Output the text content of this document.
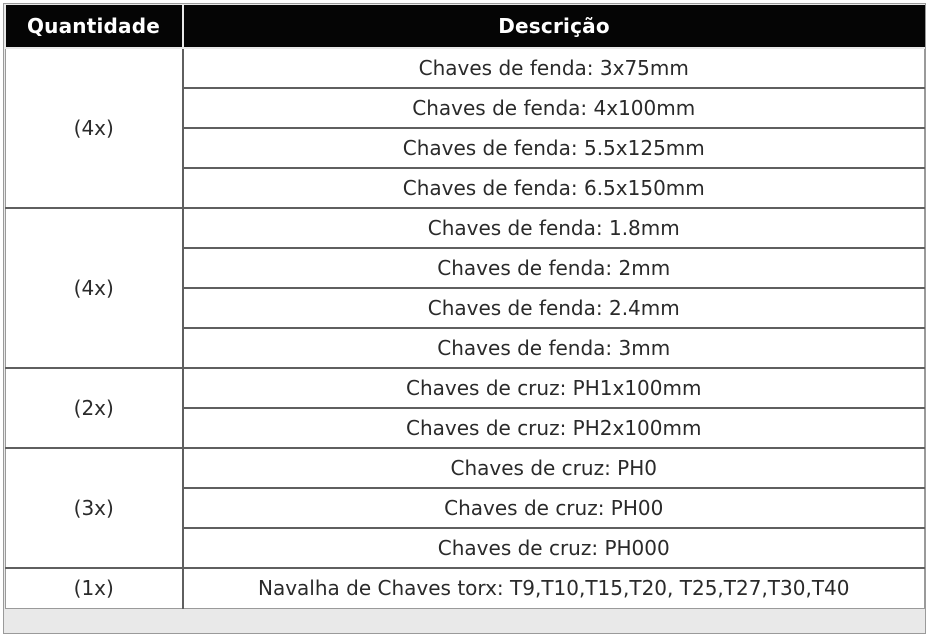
Quantidade	Descrição
(4x)	Chaves de fenda: 3x75mm
	Chaves de fenda: 4x100mm
	Chaves de fenda: 5.5x125mm
	Chaves de fenda: 6.5x150mm
(4x)	Chaves de fenda: 1.8mm
	Chaves de fenda: 2mm
	Chaves de fenda: 2.4mm
	Chaves de fenda: 3mm
(2x)	Chaves de cruz: PH1x100mm
	Chaves de cruz: PH2x100mm
(3x)	Chaves de cruz: PH0
	Chaves de cruz: PH00
	Chaves de cruz: PH000
(1x)	Navalha de Chaves torx: T9,T10,T15,T20, T25,T27,T30,T40
